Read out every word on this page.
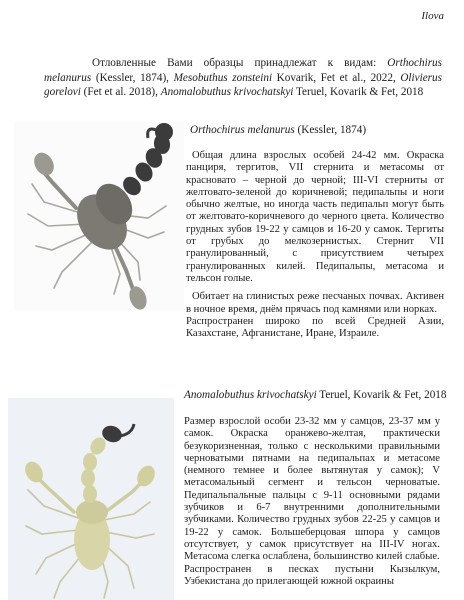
Ilova

Отловленные Вами образцы принадлежат к видам: Orthochirus melanurus (Kessler, 1874), Mesobuthus zonsteini Kovarik, Fet et al., 2022, Olivierus gorelovi (Fet et al. 2018), Anomalobuthus krivochatskyi Teruel, Kovarik & Fet, 2018

Orthochirus melanurus (Kessler, 1874)

Общая длина взрослых особей 24-42 мм. Окраска панциря, тергитов, VII стернита и метасомы от красновато – черной до черной; III-VI стерниты от желтовато-зеленой до коричневой; педипальпы и ноги обычно желтые, но иногда часть педипальп могут быть от желтовато-коричневого до черного цвета. Количество грудных зубов 19-22 у самцов и 16-20 у самок. Тергиты от грубых до мелкозернистых. Стернит VII гранулированный, с присутствием четырех гранулированных килей. Педипальпы, метасома и тельсон голые.

Обитает на глинистых реже песчаных почвах. Активен в ночное время, днём прячась под камнями или норках.

Распространен широко по всей Средней Азии, Казахстане, Афганистане, Иране, Израиле.

Anomalobuthus krivochatskyi Teruel, Kovarik & Fet, 2018

Размер взрослой особи 23-32 мм у самцов, 23-37 мм у самок. Окраска оранжево-желтая, практически безукоризненная, только с несколькими правильными черноватыми пятнами на педипальпах и метасоме (немного темнее и более вытянутая у самок); V метасомальный сегмент и тельсон черноватые. Педипальпальные пальцы с 9-11 основными рядами зубчиков и 6-7 внутренними дополнительными зубчиками. Количество грудных зубов 22-25 у самцов и 19-22 у самок. Большеберцовая шпора у самцов отсутствует, у самок присутствует на III-IV ногах. Метасома слегка ослаблена, большинство килей слабые.

Распространен в песках пустыни Кызылкум, Узбекистана до прилегающей южной окраины
